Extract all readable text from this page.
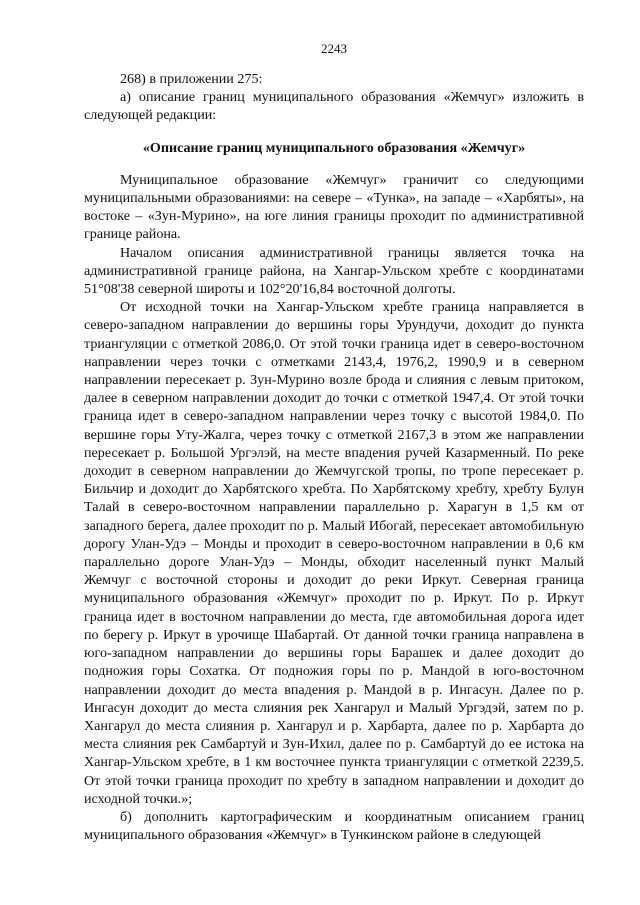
2243

268) в приложении 275:

а) описание границ муниципального образования «Жемчуг» изложить в следующей редакции:

«Описание границ муниципального образования «Жемчуг»

Муниципальное образование «Жемчуг» граничит со следующими муниципальными образованиями: на севере – «Тунка», на западе – «Харбяты», на востоке – «Зун-Мурино», на юге линия границы проходит по административной границе района.

Началом описания административной границы является точка на административной границе района, на Хангар-Ульском хребте с координатами 51°08'38 северной широты и 102°20'16,84 восточной долготы.

От исходной точки на Хангар-Ульском хребте граница направляется в северо-западном направлении до вершины горы Урундучи, доходит до пункта триангуляции с отметкой 2086,0. От этой точки граница идет в северо-восточном направлении через точки с отметками 2143,4, 1976,2, 1990,9 и в северном направлении пересекает р. Зун-Мурино возле брода и слияния с левым притоком, далее в северном направлении доходит до точки с отметкой 1947,4. От этой точки граница идет в северо-западном направлении через точку с высотой 1984,0. По вершине горы Уту-Жалга, через точку с отметкой 2167,3 в этом же направлении пересекает р. Большой Ургэлэй, на месте впадения ручей Казарменный. По реке доходит в северном направлении до Жемчугской тропы, по тропе пересекает р. Бильчир и доходит до Харбятского хребта. По Харбятскому хребту, хребту Булун Талай в северо-восточном направлении параллельно р. Харагун в 1,5 км от западного берега, далее проходит по р. Малый Ибогай, пересекает автомобильную дорогу Улан-Удэ – Монды и проходит в северо-восточном направлении в 0,6 км параллельно дороге Улан-Удэ – Монды, обходит населенный пункт Малый Жемчуг с восточной стороны и доходит до реки Иркут. Северная граница муниципального образования «Жемчуг» проходит по р. Иркут. По р. Иркут граница идет в восточном направлении до места, где автомобильная дорога идет по берегу р. Иркут в урочище Шабартай. От данной точки граница направлена в юго-западном направлении до вершины горы Барашек и далее доходит до подножия горы Сохатка. От подножия горы по р. Мандой в юго-восточном направлении доходит до места впадения р. Мандой в р. Ингасун. Далее по р. Ингасун доходит до места слияния рек Хангарул и Малый Ургэдэй, затем по р. Хангарул до места слияния р. Хангарул и р. Харбарта, далее по р. Харбарта до места слияния рек Самбартуй и Зун-Ихил, далее по р. Самбартуй до ее истока на Хангар-Ульском хребте, в 1 км восточнее пункта триангуляции с отметкой 2239,5. От этой точки граница проходит по хребту в западном направлении и доходит до исходной точки.»;

б) дополнить картографическим и координатным описанием границ муниципального образования «Жемчуг» в Тункинском районе в следующей
